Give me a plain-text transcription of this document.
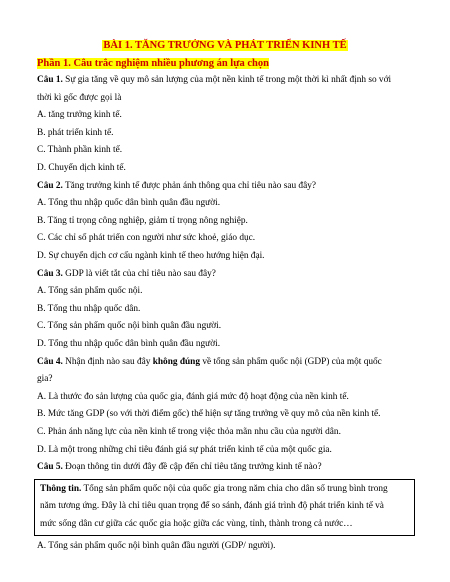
BÀI 1. TĂNG TRƯỞNG VÀ PHÁT TRIỂN KINH TẾ
Phần 1. Câu trắc nghiệm nhiều phương án lựa chọn
Câu 1. Sự gia tăng về quy mô sản lượng của một nền kinh tế trong một thời kì nhất định so với
thời kì gốc được gọi là
A. tăng trưởng kinh tế.
B. phát triển kinh tế.
C. Thành phần kinh tế.
D. Chuyển dịch kinh tế.
Câu 2. Tăng trưởng kinh tế được phản ánh thông qua chỉ tiêu nào sau đây?
A. Tổng thu nhập quốc dân bình quân đầu người.
B. Tăng tỉ trọng công nghiệp, giảm tỉ trọng nông nghiệp.
C. Các chỉ số phát triển con người như sức khoẻ, giáo dục.
D. Sự chuyển dịch cơ cấu ngành kinh tế theo hướng hiện đại.
Câu 3. GDP là viết tắt của chỉ tiêu nào sau đây?
A. Tổng sản phẩm quốc nội.
B. Tổng thu nhập quốc dân.
C. Tổng sản phẩm quốc nội bình quân đầu người.
D. Tổng thu nhập quốc dân bình quân đầu người.
Câu 4. Nhận định nào sau đây không đúng về tổng sản phẩm quốc nội (GDP) của một quốc
gia?
A. Là thước đo sản lượng của quốc gia, đánh giá mức độ hoạt động của nền kinh tế.
B. Mức tăng GDP (so với thời điểm gốc) thể hiện sự tăng trưởng về quy mô của nền kinh tế.
C. Phản ánh năng lực của nền kinh tế trong việc thỏa mãn nhu cầu của người dân.
D. Là một trong những chỉ tiêu đánh giá sự phát triển kinh tế của một quốc gia.
Câu 5. Đoạn thông tin dưới đây đề cập đến chỉ tiêu tăng trưởng kinh tế nào?
Thông tin. Tổng sản phẩm quốc nội của quốc gia trong năm chia cho dân số trung bình trong
năm tương ứng. Đây là chỉ tiêu quan trọng để so sánh, đánh giá trình độ phát triển kinh tế và
mức sống dân cư giữa các quốc gia hoặc giữa các vùng, tỉnh, thành trong cả nước…
A. Tổng sản phẩm quốc nội bình quân đầu người (GDP/ người).
